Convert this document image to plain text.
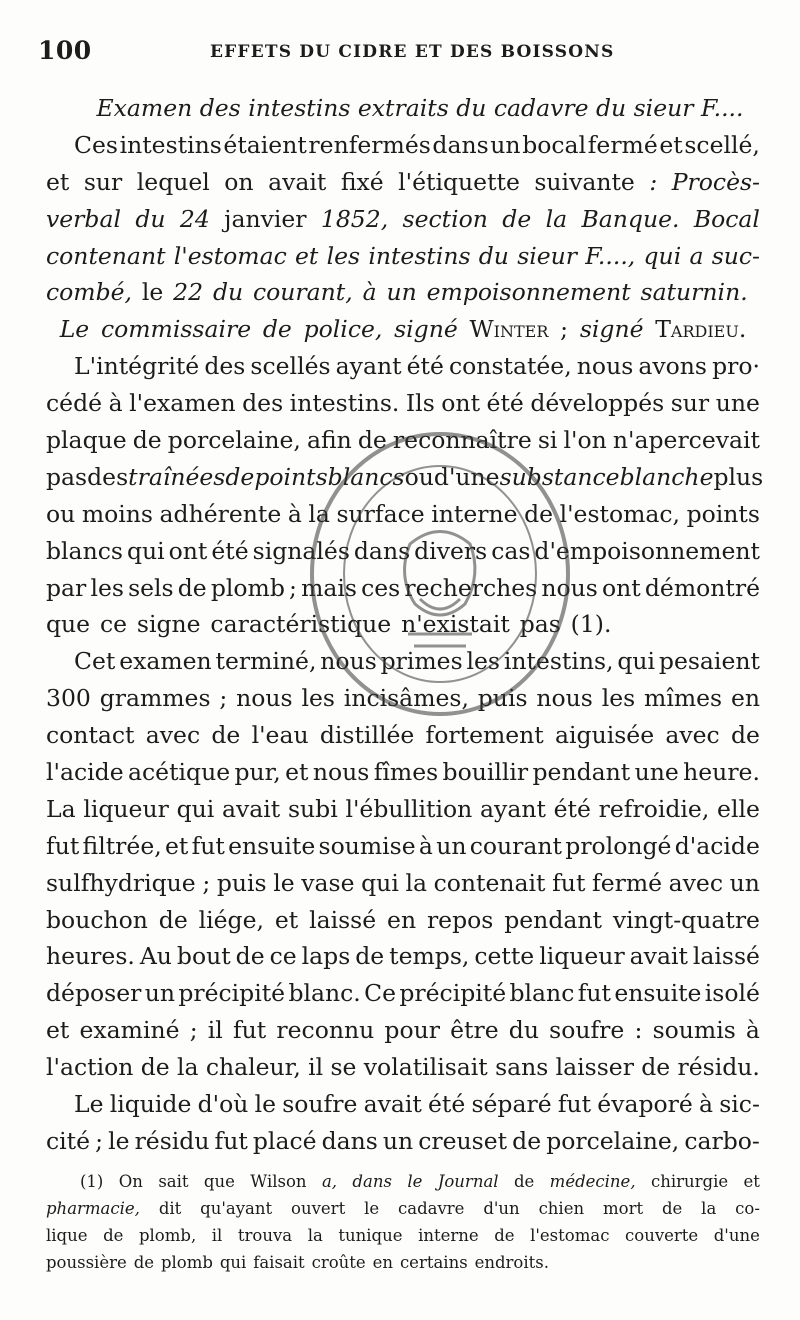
100	EFFETS DU CIDRE ET DES BOISSONS
Examen des intestins extraits du cadavre du sieur F....
Ces intestins étaient renfermés dans un bocal fermé et scellé,
et sur lequel on avait fixé l'étiquette suivante : Procès-
verbal du 24 janvier 1852, section de la Banque. Bocal
contenant l'estomac et les intestins du sieur F...., qui a suc-
combé, le 22 du courant, à un empoisonnement saturnin.
Le commissaire de police, signé Winter ; signé Tardieu.
L'intégrité des scellés ayant été constatée, nous avons pro·
cédé à l'examen des intestins. Ils ont été développés sur une
plaque de porcelaine, afin de reconnaître si l'on n'apercevait
pas des traînées de points blancs ou d'une substance blanche plus
ou moins adhérente à la surface interne de l'estomac, points
blancs qui ont été signalés dans divers cas d'empoisonnement
par les sels de plomb ; mais ces recherches nous ont démontré
que ce signe caractéristique n'existait pas (1).
Cet examen terminé, nous primes les intestins, qui pesaient
300 grammes ; nous les incisâmes, puis nous les mîmes en
contact avec de l'eau distillée fortement aiguisée avec de
l'acide acétique pur, et nous fîmes bouillir pendant une heure.
La liqueur qui avait subi l'ébullition ayant été refroidie, elle
fut filtrée, et fut ensuite soumise à un courant prolongé d'acide
sulfhydrique ; puis le vase qui la contenait fut fermé avec un
bouchon de liége, et laissé en repos pendant vingt-quatre
heures. Au bout de ce laps de temps, cette liqueur avait laissé
déposer un précipité blanc. Ce précipité blanc fut ensuite isolé
et examiné ; il fut reconnu pour être du soufre : soumis à
l'action de la chaleur, il se volatilisait sans laisser de résidu.
Le liquide d'où le soufre avait été séparé fut évaporé à sic-
cité ; le résidu fut placé dans un creuset de porcelaine, carbo-
(1) On sait que Wilson a, dans le Journal de médecine, chirurgie et
pharmacie, dit qu'ayant ouvert le cadavre d'un chien mort de la co-
lique de plomb, il trouva la tunique interne de l'estomac couverte d'une
poussière de plomb qui faisait croûte en certains endroits.
